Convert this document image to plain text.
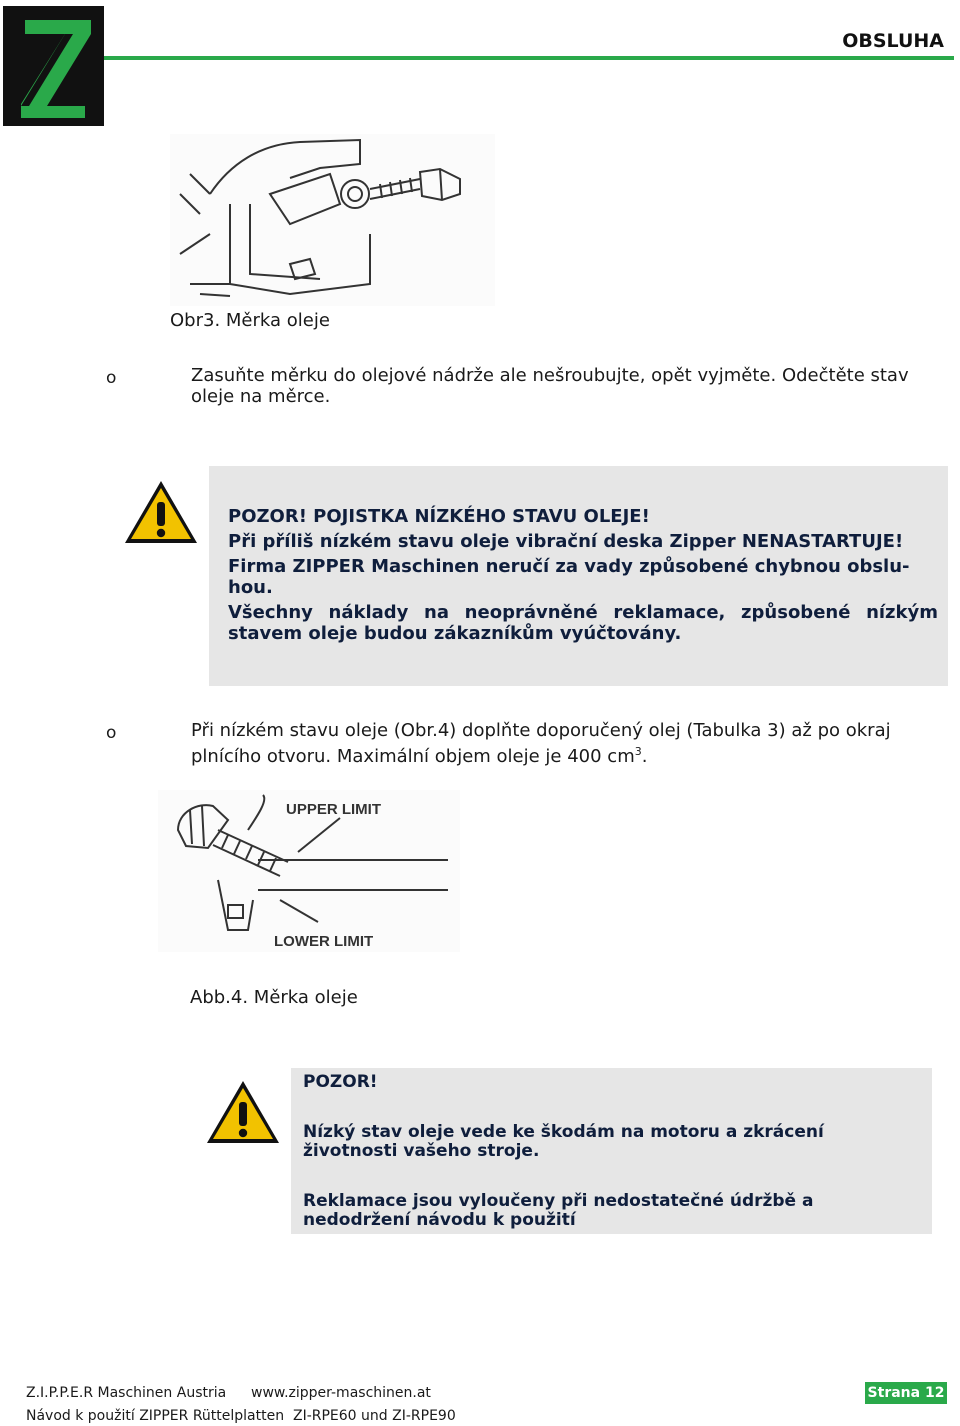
OBSLUHA
Obr3. Měrka oleje
o	Zasuňte měrku do olejové nádrže ale nešroubujte, opět vyjměte. Odečtěte stav
oleje na měrce.

POZOR! POJISTKA NÍZKÉHO STAVU OLEJE!

Při příliš nízkém stavu oleje vibrační deska Zipper NENASTARTUJE!

Firma ZIPPER Maschinen neručí za vady způsobené chybnou obslu-

hou.

Všechny náklady na neoprávněné reklamace, způsobené nízkým stavem oleje budou zákazníkům vyúčtovány.

o	Při nízkém stavu oleje (Obr.4) doplňte doporučený olej (Tabulka 3) až po okraj
plnícího otvoru. Maximální objem oleje je 400 $cm^3$.
UPPER LIMIT
LOWER LIMIT
Abb.4. Měrka oleje

POZOR!

Nízký stav oleje vede ke škodám na motoru a zkrácení životnosti vašeho stroje.

Reklamace jsou vyloučeny při nedostatečné údržbě a nedodržení návodu k použití

Z.I.P.P.E.R Maschinen Austria www.zipper-maschinen.at	Strana 12
Návod k použití ZIPPER Rüttelplatten  ZI-RPE60 und ZI-RPE90
